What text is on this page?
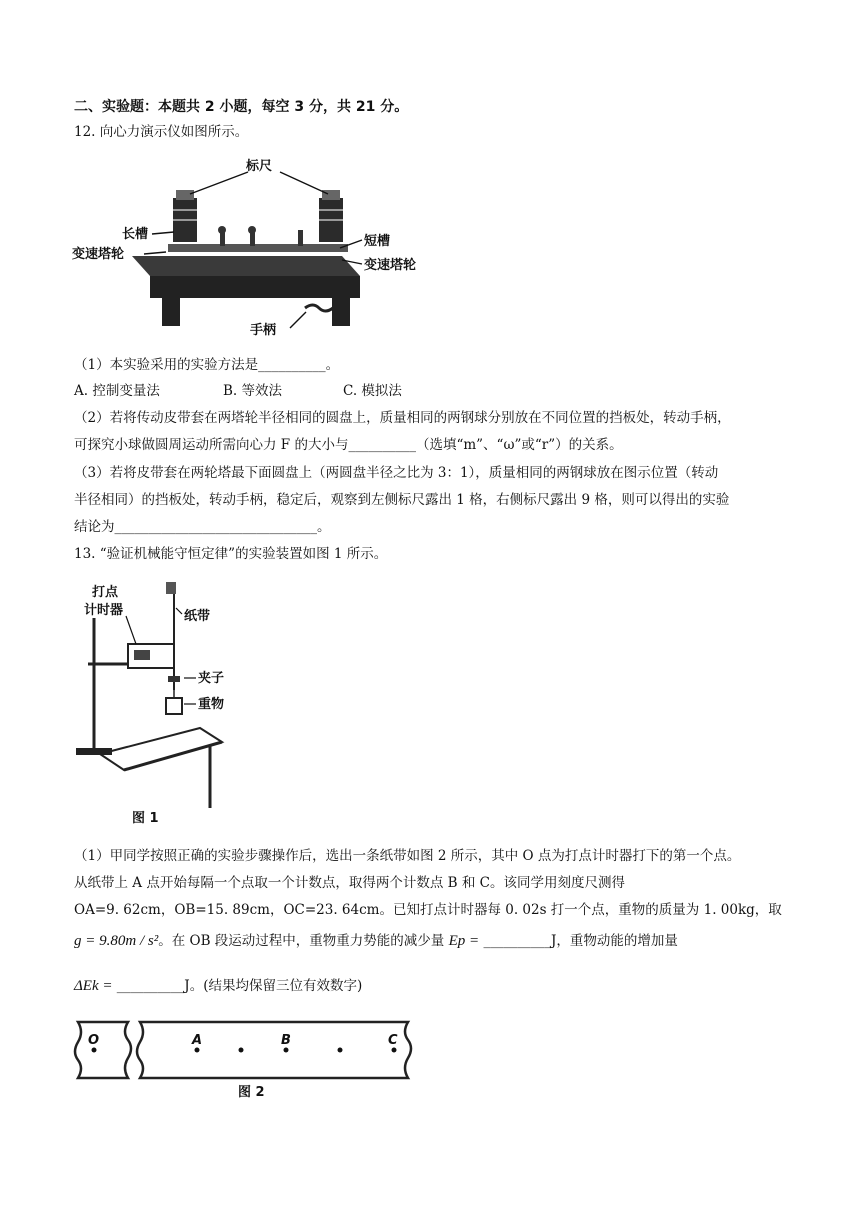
二、实验题：本题共 2 小题，每空 3 分，共 21 分。
12. 向心力演示仪如图所示。
标尺
长槽	短槽
变速塔轮
变速塔轮
手柄
（1）本实验采用的实验方法是__________。
A. 控制变量法	B. 等效法	C. 模拟法
（2）若将传动皮带套在两塔轮半径相同的圆盘上，质量相同的两钢球分别放在不同位置的挡板处，转动手柄，
可探究小球做圆周运动所需向心力 F 的大小与__________（选填“m”、“ω”或“r”）的关系。
（3）若将皮带套在两轮塔最下面圆盘上（两圆盘半径之比为 3：1），质量相同的两钢球放在图示位置（转动
半径相同）的挡板处，转动手柄，稳定后，观察到左侧标尺露出 1 格，右侧标尺露出 9 格，则可以得出的实验
结论为______________________________。
13. “验证机械能守恒定律”的实验装置如图 1 所示。
打点
计时器	纸带
夹子
重物
图 1
（1）甲同学按照正确的实验步骤操作后，选出一条纸带如图 2 所示，其中 O 点为打点计时器打下的第一个点。
从纸带上 A 点开始每隔一个点取一个计数点，取得两个计数点 B 和 C。该同学用刻度尺测得
OA=9. 62cm，OB=15. 89cm，OC=23. 64cm。已知打点计时器每 0. 02s 打一个点，重物的质量为 1. 00kg，取
g = 9.80m / s²。在 OB 段运动过程中，重物重力势能的减少量 Ep = __________J，重物动能的增加量
ΔEk = __________J。(结果均保留三位有效数字)
O	A	B	C
图 2
